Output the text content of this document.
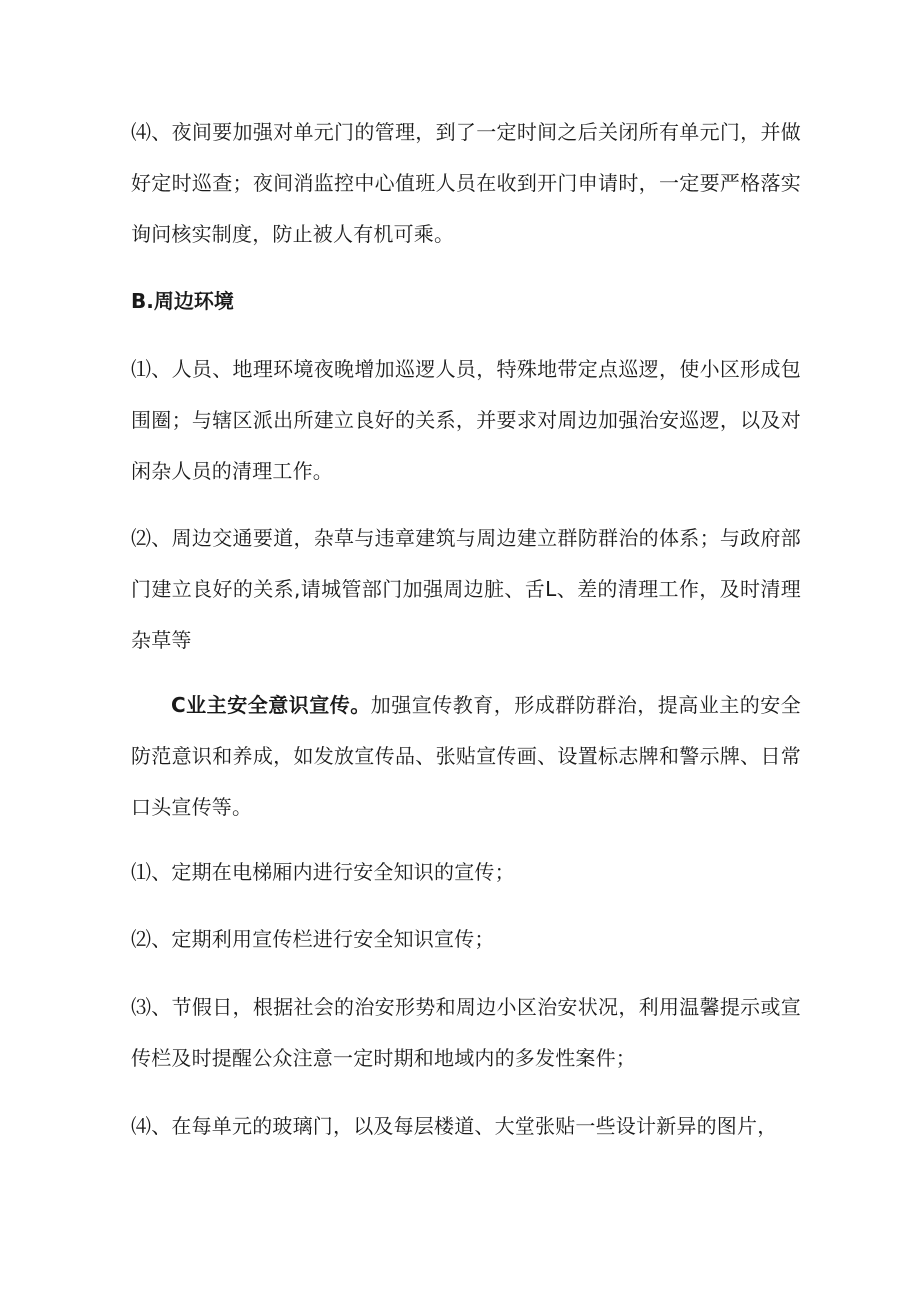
⑷、夜间要加强对单元门的管理，到了一定时间之后关闭所有单元门，并做好定时巡查；夜间消监控中心值班人员在收到开门申请时，一定要严格落实询问核实制度，防止被人有机可乘。

B.周边环境

⑴、人员、地理环境夜晚增加巡逻人员，特殊地带定点巡逻，使小区形成包围圈；与辖区派出所建立良好的关系，并要求对周边加强治安巡逻，以及对闲杂人员的清理工作。

⑵、周边交通要道，杂草与违章建筑与周边建立群防群治的体系；与政府部门建立良好的关系,请城管部门加强周边脏、舌L、差的清理工作，及时清理杂草等

C业主安全意识宣传。加强宣传教育，形成群防群治，提高业主的安全防范意识和养成，如发放宣传品、张贴宣传画、设置标志牌和警示牌、日常口头宣传等。

⑴、定期在电梯厢内进行安全知识的宣传；

⑵、定期利用宣传栏进行安全知识宣传；

⑶、节假日，根据社会的治安形势和周边小区治安状况，利用温馨提示或宣传栏及时提醒公众注意一定时期和地域内的多发性案件；

⑷、在每单元的玻璃门，以及每层楼道、大堂张贴一些设计新异的图片，
